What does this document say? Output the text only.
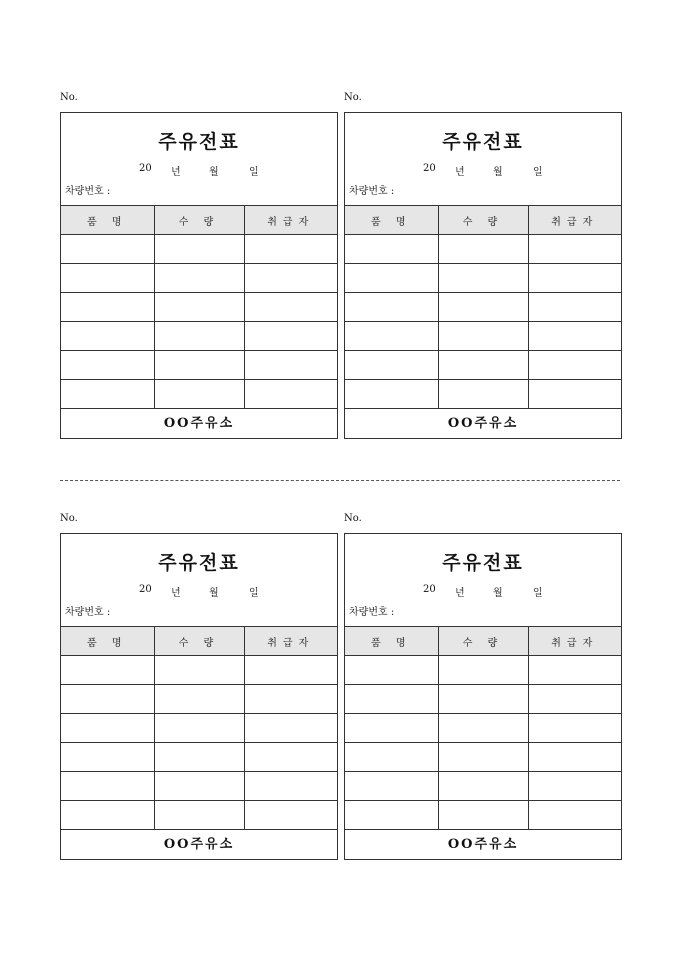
No.
주유전표
20 년	월	일
차량번호 :
품 명	수 량	취급자

OO주유소
No.
주유전표
20 년	월	일
차량번호 :
품 명	수 량	취급자

OO주유소
No.
주유전표
20 년	월	일
차량번호 :
품 명	수 량	취급자

OO주유소
No.
주유전표
20 년	월	일
차량번호 :
품 명	수 량	취급자

OO주유소
